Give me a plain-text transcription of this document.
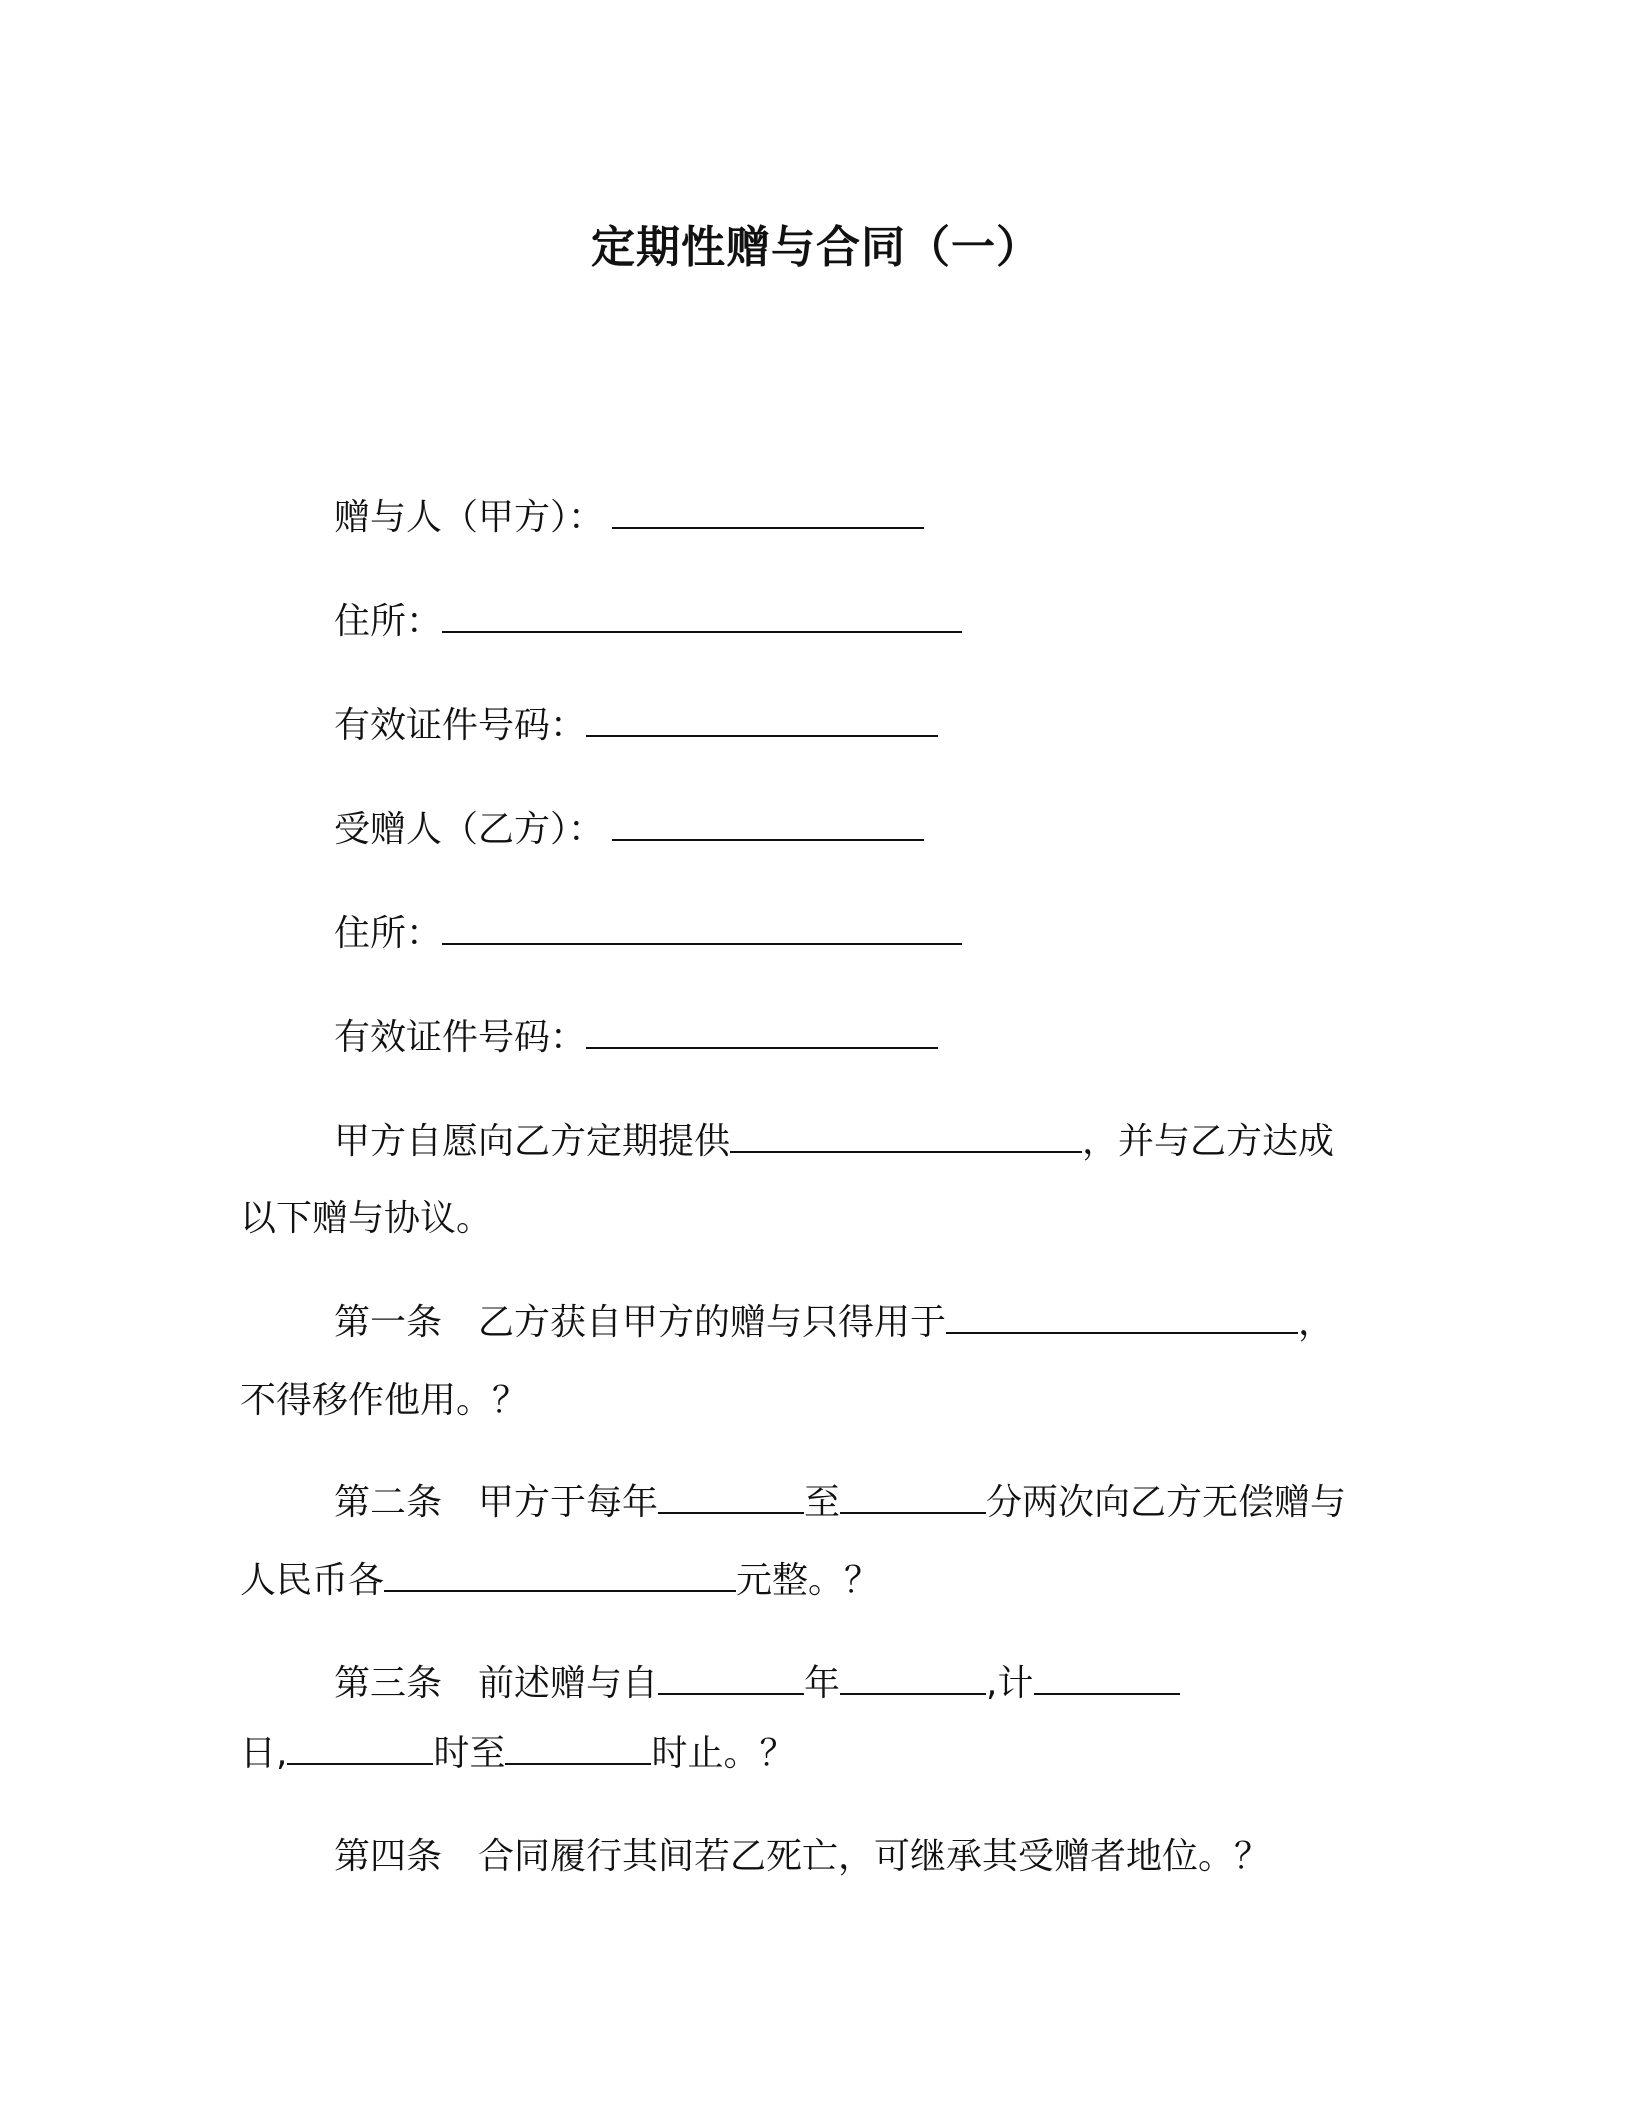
定期性赠与合同（一）
赠与人（甲方）：
住所：
有效证件号码：
受赠人（乙方）：
住所：
有效证件号码：
甲方自愿向乙方定期提供	，并与乙方达成
以下赠与协议。
第一条 乙方获自甲方的赠与只得用于	，
不得移作他用。？
第二条 甲方于每年	至	分两次向乙方无偿赠与
人民币各	元整。？
第三条 前述赠与自	年	,计
日,	时至	时止。？
第四条 合同履行其间若乙死亡，可继承其受赠者地位。？
